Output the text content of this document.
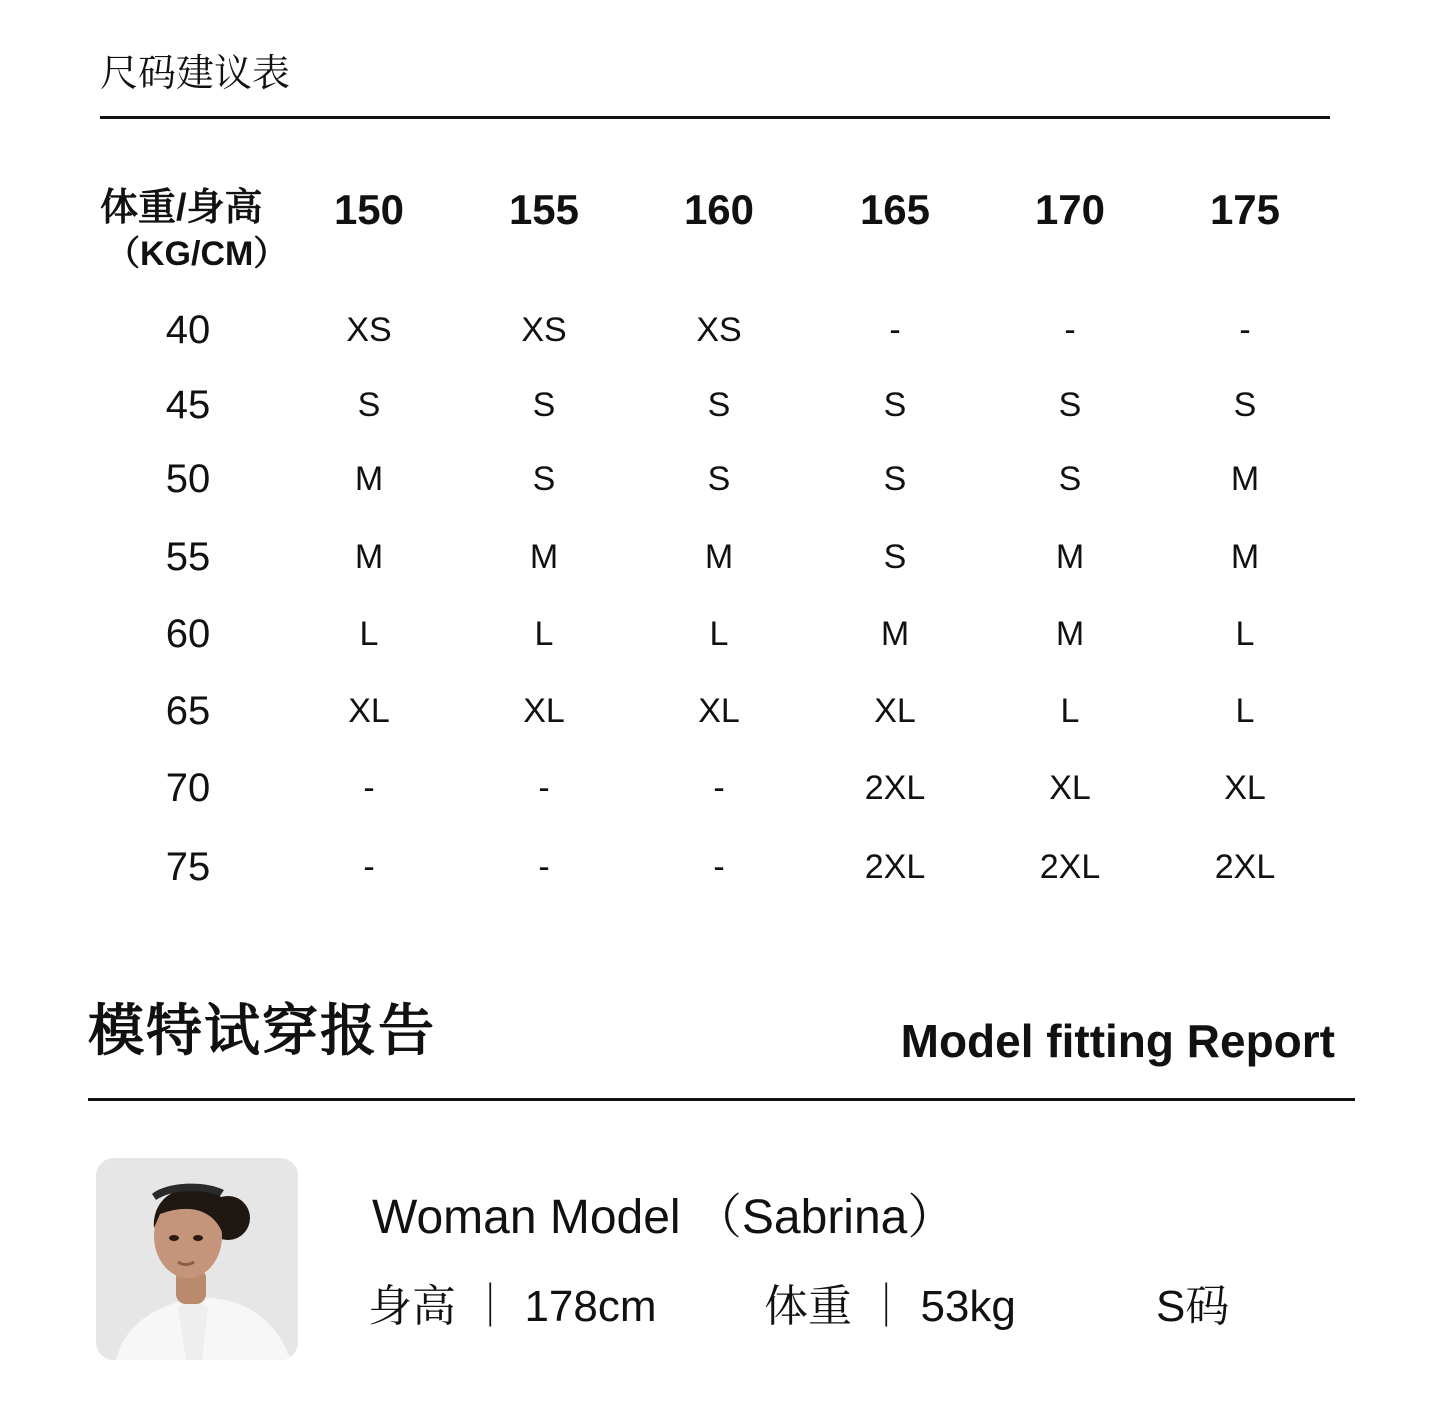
尺码建议表
体重/身高
（KG/CM）
150	155	160	165	170	175
40	XS	XS	XS	-	-	-
45	S	S	S	S	S	S
50	M	S	S	S	S	M
55	M	M	M	S	M	M
60	L	L	L	M	M	L
65	XL	XL	XL	XL	L	L
70	-	-	-	2XL	XL	XL
75	-	-	-	2XL	2XL	2XL
模特试穿报告	Model fitting Report
Woman Model （Sabrina）
身高 ｜ 178cm 体重 ｜ 53kg	S码
